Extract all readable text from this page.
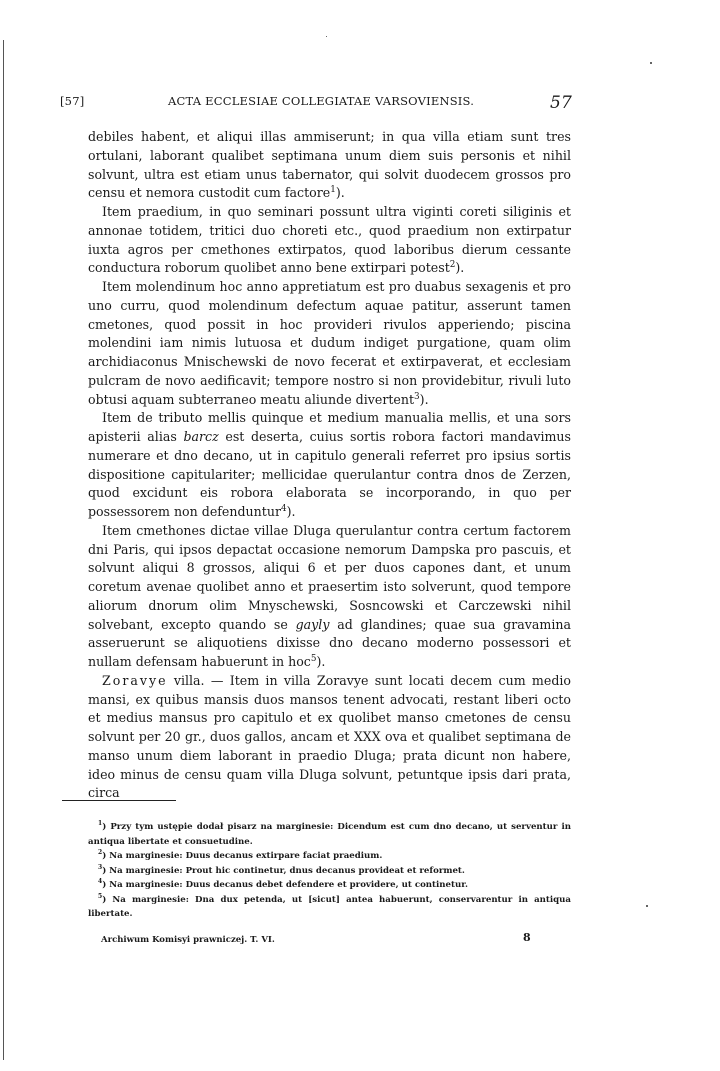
[57]	ACTA ECCLESIAE COLLEGIATAE VARSOVIENSIS.	57

debiles habent, et aliqui illas ammiserunt; in qua villa etiam sunt tres ortulani, laborant qualibet septimana unum diem suis personis et nihil solvunt, ultra est etiam unus tabernator, qui solvit duodecem grossos pro censu et nemora custodit cum factore$^1$).

Item praedium, in quo seminari possunt ultra viginti coreti siliginis et annonae totidem, tritici duo choreti etc., quod praedium non extirpatur iuxta agros per cmethones extirpatos, quod laboribus dierum cessante conductura roborum quolibet anno bene extirpari potest$^2$).

Item molendinum hoc anno appretiatum est pro duabus sexagenis et pro uno curru, quod molendinum defectum aquae patitur, asserunt tamen cmetones, quod possit in hoc provideri rivulos apperiendo; piscina molendini iam nimis lutuosa et dudum indiget purgatione, quam olim archidiaconus Mnischewski de novo fecerat et extirpaverat, et ecclesiam pulcram de novo aedificavit; tempore nostro si non providebitur, rivuli luto obtusi aquam subterraneo meatu aliunde divertent$^3$).

Item de tributo mellis quinque et medium manualia mellis, et una sors apisterii alias barcz est deserta, cuius sortis robora factori mandavimus numerare et dno decano, ut in capitulo generali referret pro ipsius sortis dispositione capitulariter; mellicidae querulantur contra dnos de Zerzen, quod excidunt eis robora elaborata se incorporando, in quo per possessorem non defenduntur$^4$).

Item cmethones dictae villae Dluga querulantur contra certum factorem dni Paris, qui ipsos depactat occasione nemorum Dampska pro pascuis, et solvunt aliqui 8 grossos, aliqui 6 et per duos capones dant, et unum coretum avenae quolibet anno et praesertim isto solverunt, quod tempore aliorum dnorum olim Mnyschewski, Sosncowski et Carczewski nihil solvebant, excepto quando se gayly ad glandines; quae sua gravamina asseruerunt se aliquotiens dixisse dno decano moderno possessori et nullam defensam habuerunt in hoc$^5$).

Zoravye villa. — Item in villa Zoravye sunt locati decem cum medio mansi, ex quibus mansis duos mansos tenent advocati, restant liberi octo et medius mansus pro capitulo et ex quolibet manso cmetones de censu solvunt per 20 gr., duos gallos, ancam et XXX ova et qualibet septimana de manso unum diem laborant in praedio Dluga; prata dicunt non habere, ideo minus de censu quam villa Dluga solvunt, petuntque ipsis dari prata, circa

$^1$) Przy tym ustępie dodał pisarz na marginesie: Dicendum est cum dno decano, ut serventur in antiqua libertate et consuetudine.

$^2$) Na marginesie: Duus decanus extirpare faciat praedium.

$^3$) Na marginesie: Prout hic continetur, dnus decanus provideat et reformet.

$^4$) Na marginesie: Duus decanus debet defendere et providere, ut continetur.

$^5$) Na marginesie: Dna dux petenda, ut [sicut] antea habuerunt, conservarentur in antiqua libertate.

Archiwum Komisyi prawniczej. T. VI.	8
